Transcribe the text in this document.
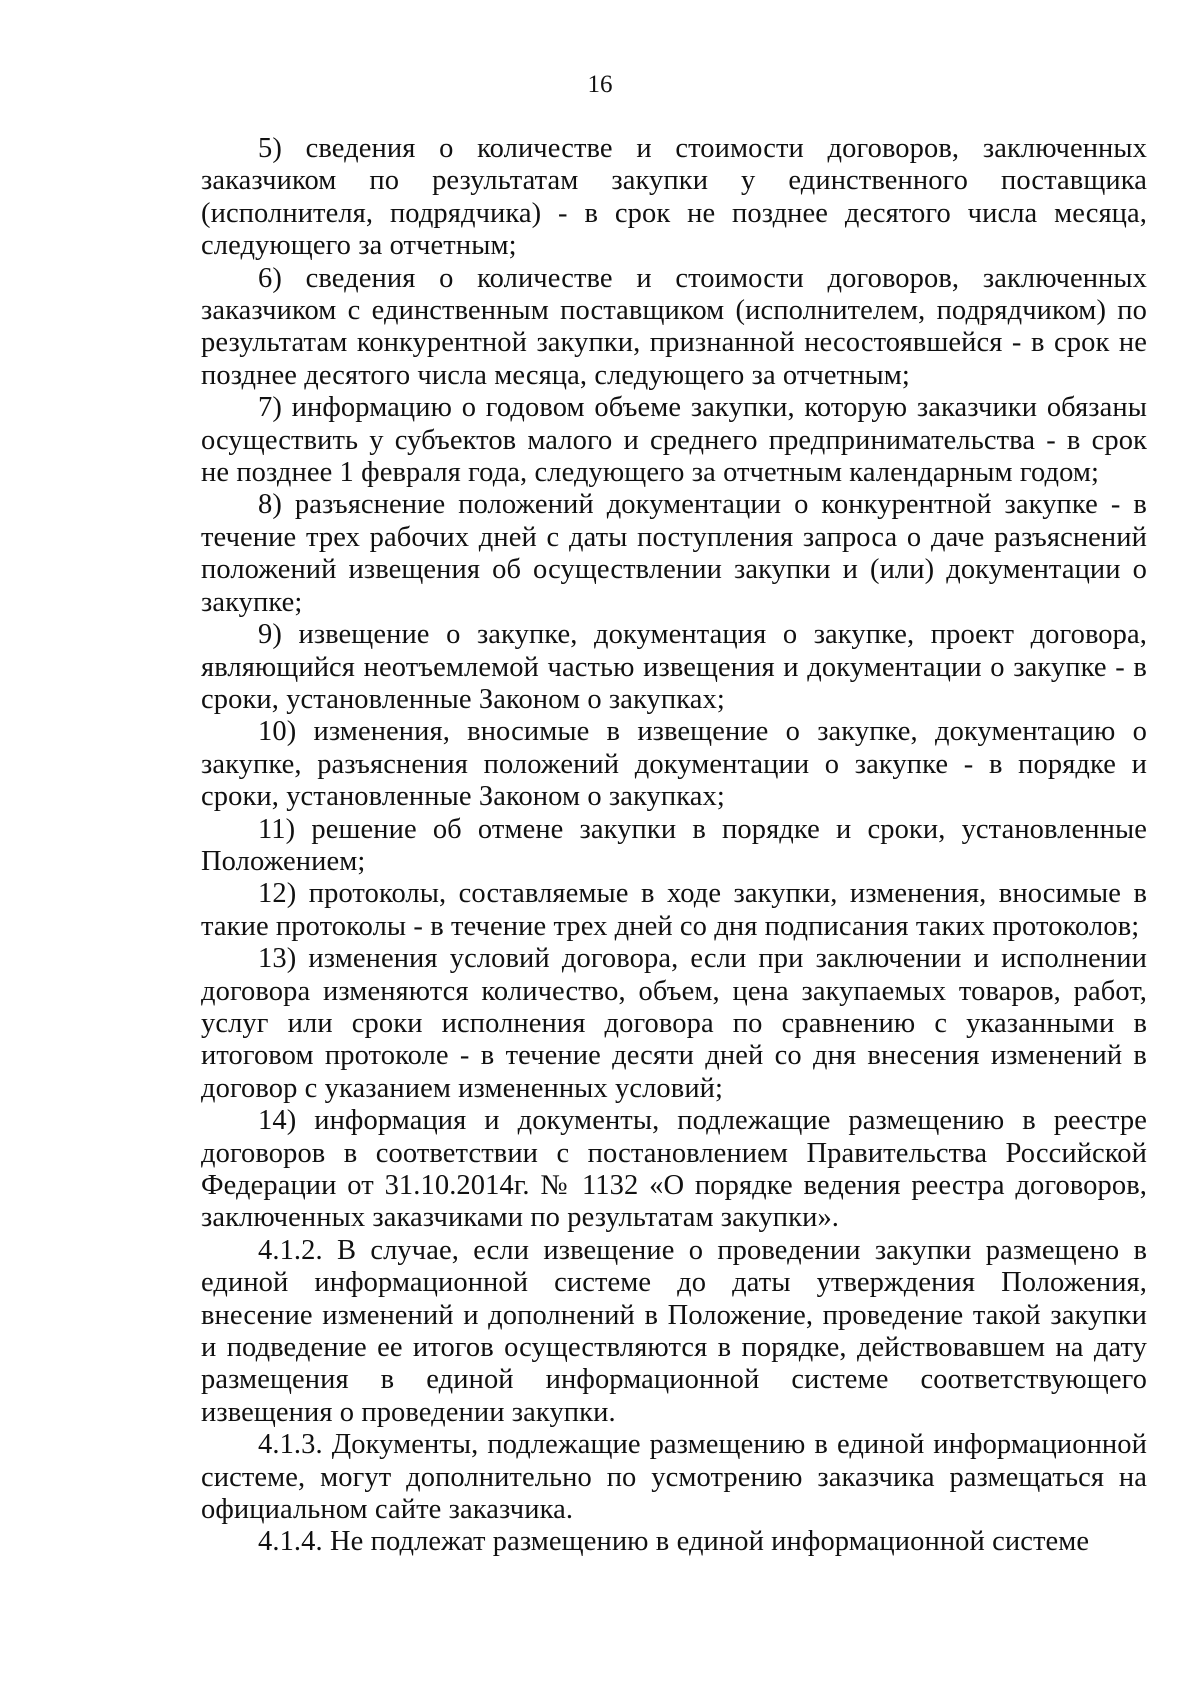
16

5) сведения о количестве и стоимости договоров, заключенных заказчиком по результатам закупки у единственного поставщика (исполнителя, подрядчика) - в срок не позднее десятого числа месяца, следующего за отчетным;

6) сведения о количестве и стоимости договоров, заключенных заказчиком с единственным поставщиком (исполнителем, подрядчиком) по результатам конкурентной закупки, признанной несостоявшейся - в срок не позднее десятого числа месяца, следующего за отчетным;

7) информацию о годовом объеме закупки, которую заказчики обязаны осуществить у субъектов малого и среднего предпринимательства - в срок не позднее 1 февраля года, следующего за отчетным календарным годом;

8) разъяснение положений документации о конкурентной закупке - в течение трех рабочих дней с даты поступления запроса о даче разъяснений положений извещения об осуществлении закупки и (или) документации о закупке;

9) извещение о закупке, документация о закупке, проект договора, являющийся неотъемлемой частью извещения и документации о закупке - в сроки, установленные Законом о закупках;

10) изменения, вносимые в извещение о закупке, документацию о закупке, разъяснения положений документации о закупке - в порядке и сроки, установленные Законом о закупках;

11) решение об отмене закупки в порядке и сроки, установленные Положением;

12) протоколы, составляемые в ходе закупки, изменения, вносимые в такие протоколы - в течение трех дней со дня подписания таких протоколов;

13) изменения условий договора, если при заключении и исполнении договора изменяются количество, объем, цена закупаемых товаров, работ, услуг или сроки исполнения договора по сравнению с указанными в итоговом протоколе - в течение десяти дней со дня внесения изменений в договор с указанием измененных условий;

14) информация и документы, подлежащие размещению в реестре договоров в соответствии с постановлением Правительства Российской Федерации от 31.10.2014г. № 1132 «О порядке ведения реестра договоров, заключенных заказчиками по результатам закупки».

4.1.2. В случае, если извещение о проведении закупки размещено в единой информационной системе до даты утверждения Положения, внесение изменений и дополнений в Положение, проведение такой закупки и подведение ее итогов осуществляются в порядке, действовавшем на дату размещения в единой информационной системе соответствующего извещения о проведении закупки.

4.1.3. Документы, подлежащие размещению в единой информационной системе, могут дополнительно по усмотрению заказчика размещаться на официальном сайте заказчика.

4.1.4. Не подлежат размещению в единой информационной системе
